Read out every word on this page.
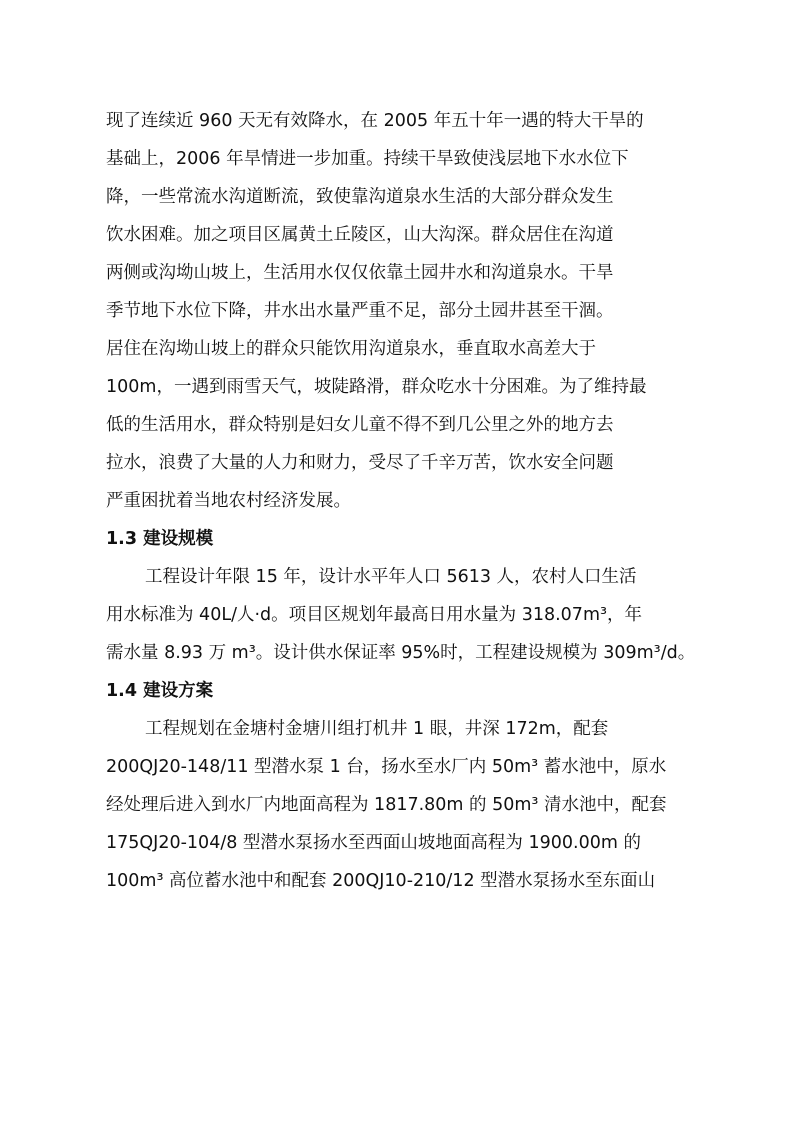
现了连续近 960 天无有效降水，在 2005 年五十年一遇的特大干旱的
基础上，2006 年旱情进一步加重。持续干旱致使浅层地下水水位下
降，一些常流水沟道断流，致使靠沟道泉水生活的大部分群众发生
饮水困难。加之项目区属黄土丘陵区，山大沟深。群众居住在沟道
两侧或沟坳山坡上，生活用水仅仅依靠土园井水和沟道泉水。干旱
季节地下水位下降，井水出水量严重不足，部分土园井甚至干涸。
居住在沟坳山坡上的群众只能饮用沟道泉水，垂直取水高差大于
100m，一遇到雨雪天气，坡陡路滑，群众吃水十分困难。为了维持最
低的生活用水，群众特别是妇女儿童不得不到几公里之外的地方去
拉水，浪费了大量的人力和财力，受尽了千辛万苦，饮水安全问题
严重困扰着当地农村经济发展。
1.3 建设规模
工程设计年限 15 年，设计水平年人口 5613 人，农村人口生活
用水标准为 40L/人·d。项目区规划年最高日用水量为 318.07m³，年
需水量 8.93 万 m³。设计供水保证率 95%时，工程建设规模为 309m³/d。
1.4 建设方案
工程规划在金塘村金塘川组打机井 1 眼，井深 172m，配套
200QJ20-148/11 型潜水泵 1 台，扬水至水厂内 50m³ 蓄水池中，原水
经处理后进入到水厂内地面高程为 1817.80m 的 50m³ 清水池中，配套
175QJ20-104/8 型潜水泵扬水至西面山坡地面高程为 1900.00m 的
100m³ 高位蓄水池中和配套 200QJ10-210/12 型潜水泵扬水至东面山
